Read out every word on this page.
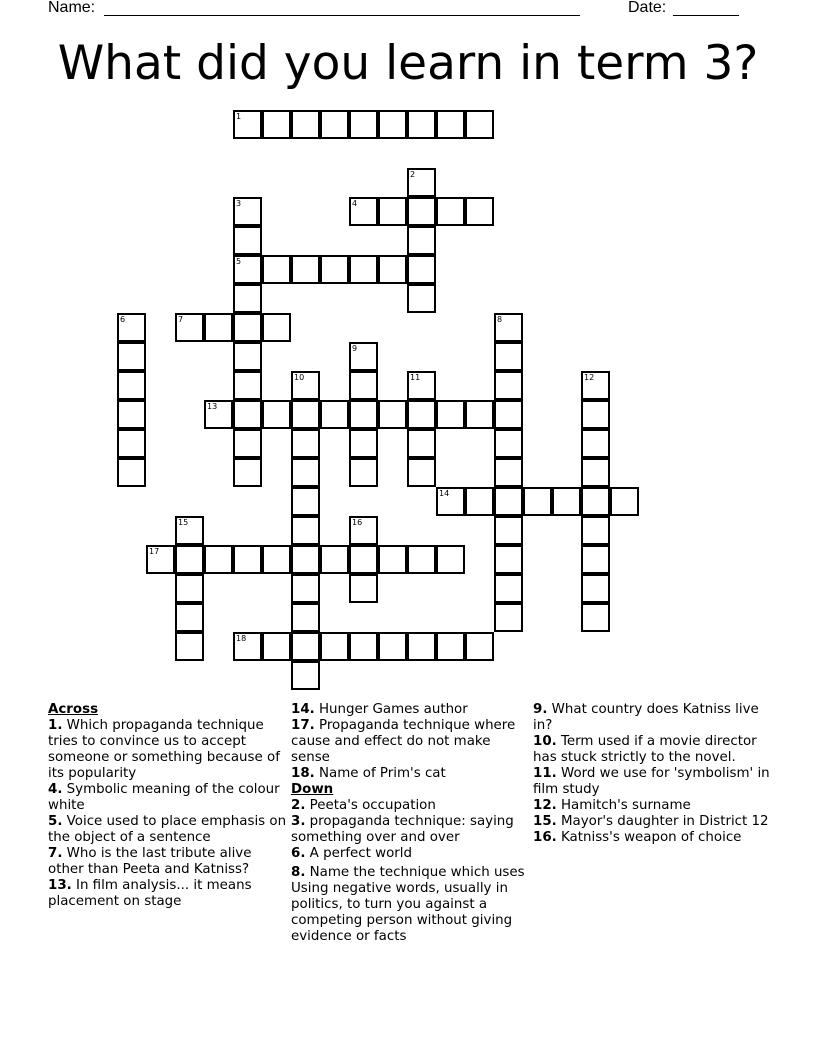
Name:	Date:
What did you learn in term 3?
1
2
3
5
4
6	7	8
9
10	11	12
13
14
15	16
17
18
Across
1. Which propaganda technique tries to convince us to accept someone or something because of its popularity
4. Symbolic meaning of the colour white
5. Voice used to place emphasis on the object of a sentence
7. Who is the last tribute alive other than Peeta and Katniss?
13. In film analysis... it means placement on stage
14. Hunger Games author
17. Propaganda technique where cause and effect do not make sense
18. Name of Prim's cat
Down
2. Peeta's occupation
3. propaganda technique: saying something over and over
6. A perfect world
8. Name the technique which uses Using negative words, usually in politics, to turn you against a competing person without giving evidence or facts
9. What country does Katniss live in?
10. Term used if a movie director has stuck strictly to the novel.
11. Word we use for 'symbolism' in film study
12. Hamitch's surname
15. Mayor's daughter in District 12
16. Katniss's weapon of choice
